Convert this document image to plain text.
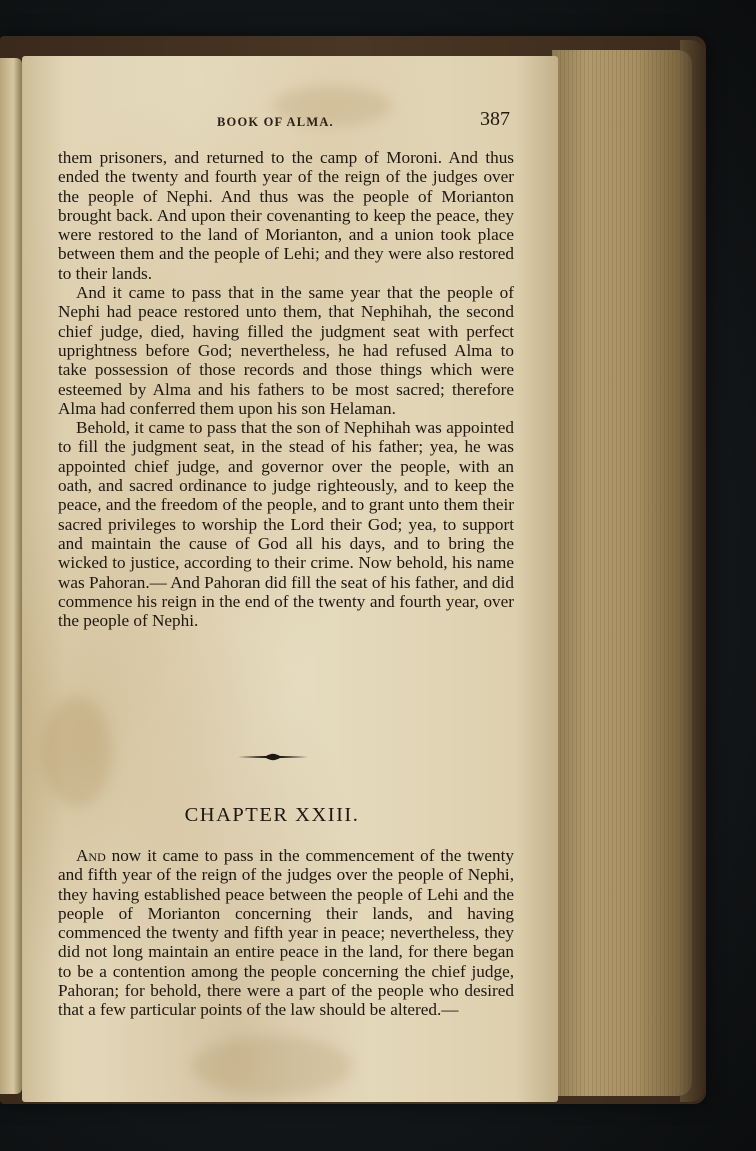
BOOK OF ALMA.	387

them prisoners, and returned to the camp of Moroni. And thus ended the twenty and fourth year of the reign of the judges over the people of Nephi. And thus was the people of Morianton brought back. And upon their covenanting to keep the peace, they were restored to the land of Morianton, and a union took place between them and the people of Lehi; and they were also restored to their lands.

And it came to pass that in the same year that the people of Nephi had peace restored unto them, that Nephihah, the second chief judge, died, having filled the judgment seat with perfect uprightness before God; nevertheless, he had refused Alma to take possession of those records and those things which were esteemed by Alma and his fathers to be most sacred; therefore Alma had conferred them upon his son Helaman.

Behold, it came to pass that the son of Nephihah was appointed to fill the judgment seat, in the stead of his father; yea, he was appointed chief judge, and governor over the people, with an oath, and sacred ordinance to judge righteously, and to keep the peace, and the freedom of the people, and to grant unto them their sacred privileges to worship the Lord their God; yea, to support and maintain the cause of God all his days, and to bring the wicked to justice, according to their crime. Now behold, his name was Pahoran.— And Pahoran did fill the seat of his father, and did commence his reign in the end of the twenty and fourth year, over the people of Nephi.

CHAPTER XXIII.

And now it came to pass in the commencement of the twenty and fifth year of the reign of the judges over the people of Nephi, they having established peace between the people of Lehi and the people of Morianton concerning their lands, and having commenced the twenty and fifth year in peace; nevertheless, they did not long maintain an entire peace in the land, for there began to be a contention among the people concerning the chief judge, Pahoran; for behold, there were a part of the people who desired that a few particular points of the law should be altered.—
